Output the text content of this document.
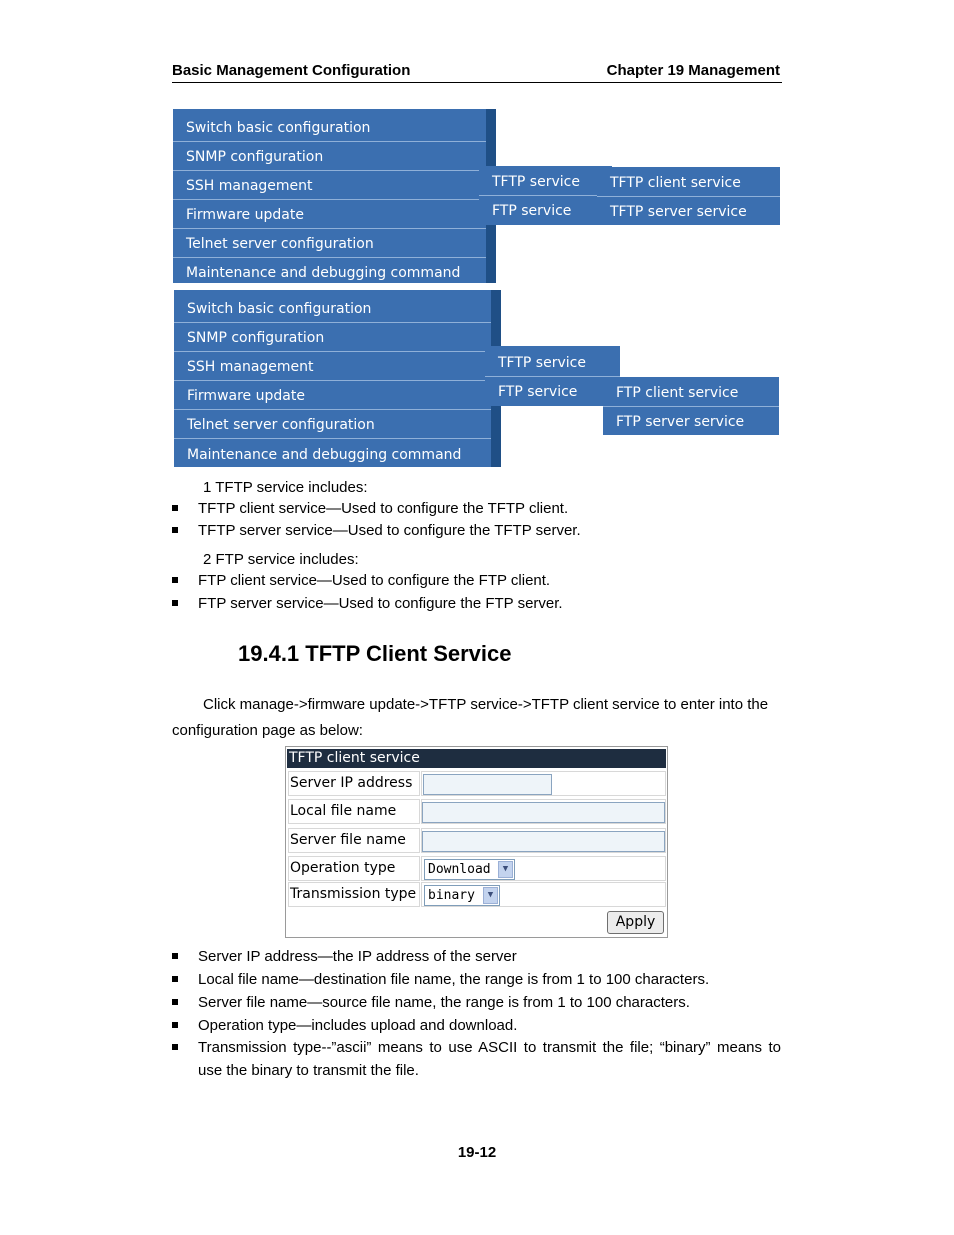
Basic Management Configuration	Chapter 19 Management
Switch basic configuration
SNMP configuration
SSH management
Firmware update
Telnet server configuration
Maintenance and debugging command
TFTP service
FTP service
TFTP client service
TFTP server service
Switch basic configuration
SNMP configuration
SSH management
Firmware update
Telnet server configuration
Maintenance and debugging command
TFTP service
FTP service	FTP client service
FTP server service
1 TFTP service includes:
TFTP client service—Used to configure the TFTP client.
TFTP server service—Used to configure the TFTP server.
2 FTP service includes:
FTP client service—Used to configure the FTP client.
FTP server service—Used to configure the FTP server.
19.4.1 TFTP Client Service
Click manage->firmware update->TFTP service->TFTP client service to enter into the
configuration page as below:
TFTP client service
Server IP address
Local file name
Server file name
Operation type	Download	▼
Transmission type binary	▼
Apply
Server IP address—the IP address of the server
Local file name—destination file name, the range is from 1 to 100 characters.
Server file name—source file name, the range is from 1 to 100 characters.
Operation type—includes upload and download.
Transmission type--”ascii” means to use ASCII to transmit the file; “binary” means to
use the binary to transmit the file.
19-12
